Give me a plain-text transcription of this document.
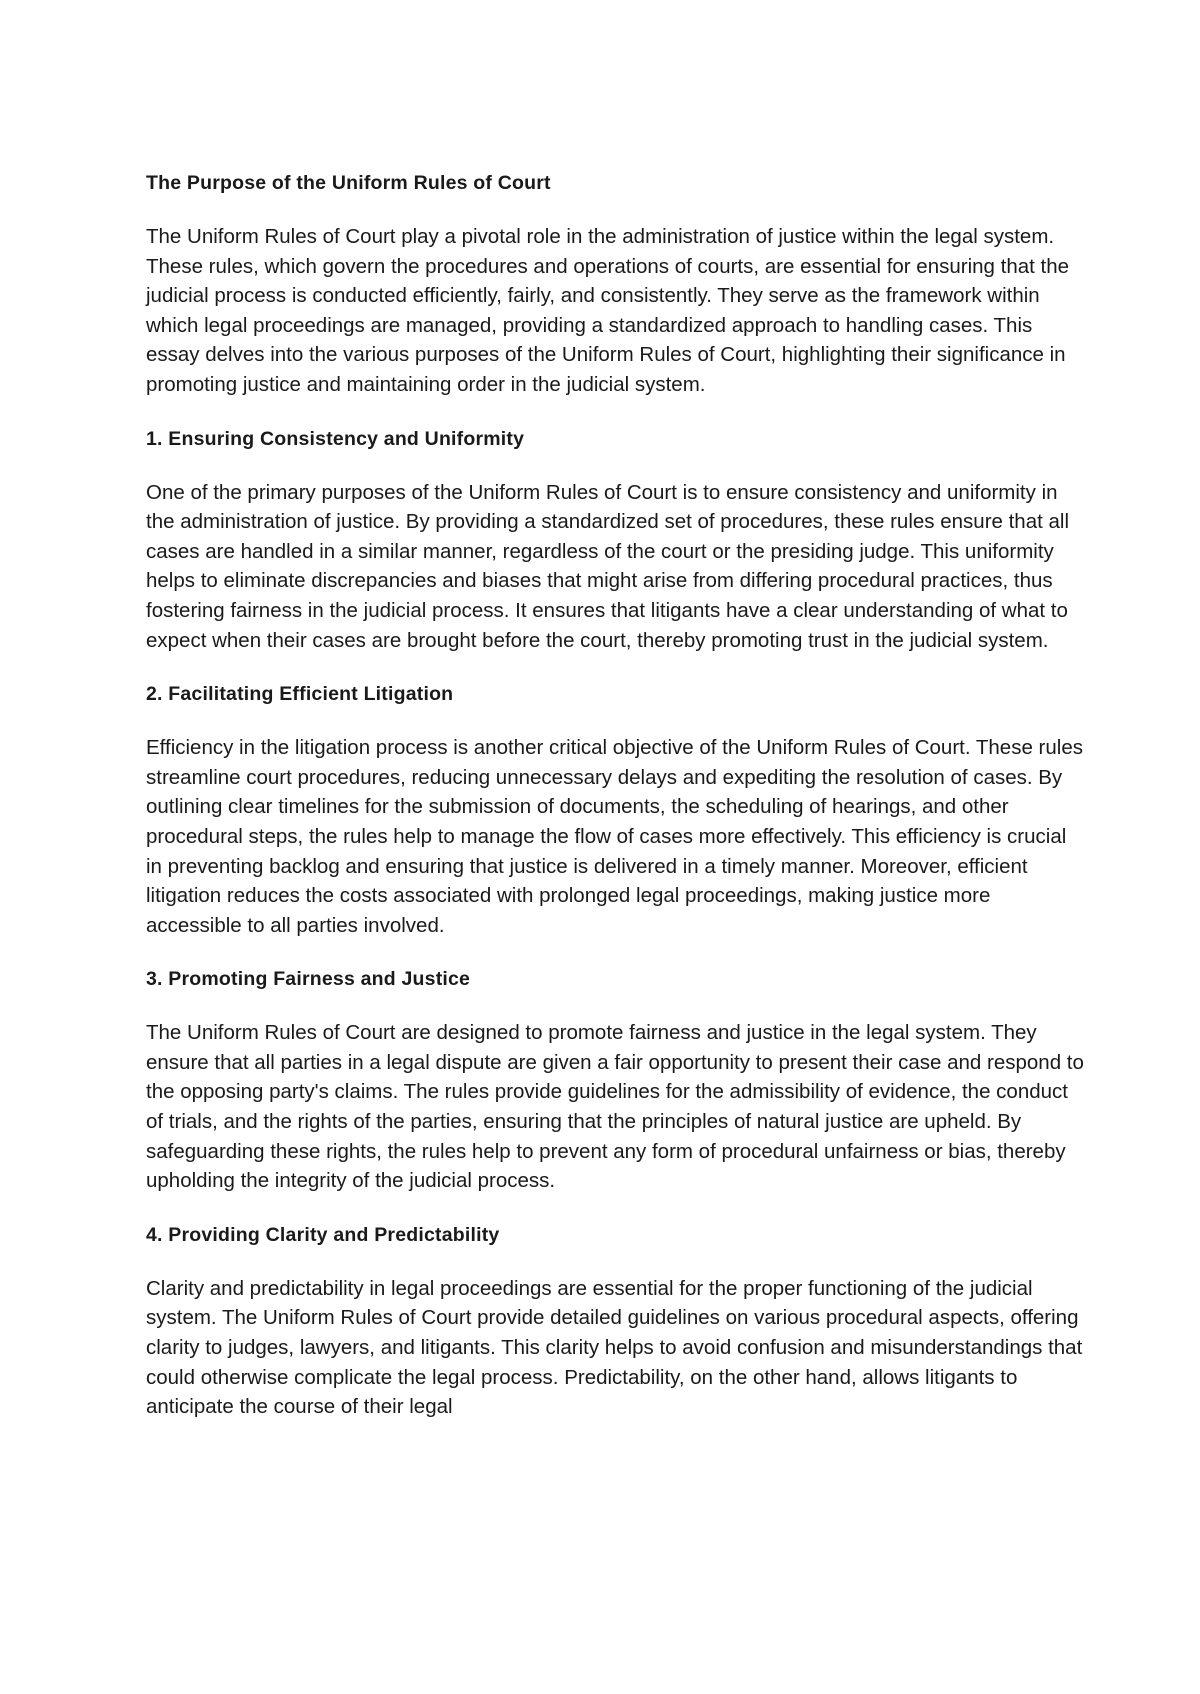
The Purpose of the Uniform Rules of Court

The Uniform Rules of Court play a pivotal role in the administration of justice within the legal system. These rules, which govern the procedures and operations of courts, are essential for ensuring that the judicial process is conducted efficiently, fairly, and consistently. They serve as the framework within which legal proceedings are managed, providing a standardized approach to handling cases. This essay delves into the various purposes of the Uniform Rules of Court, highlighting their significance in promoting justice and maintaining order in the judicial system.

1. Ensuring Consistency and Uniformity

One of the primary purposes of the Uniform Rules of Court is to ensure consistency and uniformity in the administration of justice. By providing a standardized set of procedures, these rules ensure that all cases are handled in a similar manner, regardless of the court or the presiding judge. This uniformity helps to eliminate discrepancies and biases that might arise from differing procedural practices, thus fostering fairness in the judicial process. It ensures that litigants have a clear understanding of what to expect when their cases are brought before the court, thereby promoting trust in the judicial system.

2. Facilitating Efficient Litigation

Efficiency in the litigation process is another critical objective of the Uniform Rules of Court. These rules streamline court procedures, reducing unnecessary delays and expediting the resolution of cases. By outlining clear timelines for the submission of documents, the scheduling of hearings, and other procedural steps, the rules help to manage the flow of cases more effectively. This efficiency is crucial in preventing backlog and ensuring that justice is delivered in a timely manner. Moreover, efficient litigation reduces the costs associated with prolonged legal proceedings, making justice more accessible to all parties involved.

3. Promoting Fairness and Justice

The Uniform Rules of Court are designed to promote fairness and justice in the legal system. They ensure that all parties in a legal dispute are given a fair opportunity to present their case and respond to the opposing party's claims. The rules provide guidelines for the admissibility of evidence, the conduct of trials, and the rights of the parties, ensuring that the principles of natural justice are upheld. By safeguarding these rights, the rules help to prevent any form of procedural unfairness or bias, thereby upholding the integrity of the judicial process.

4. Providing Clarity and Predictability

Clarity and predictability in legal proceedings are essential for the proper functioning of the judicial system. The Uniform Rules of Court provide detailed guidelines on various procedural aspects, offering clarity to judges, lawyers, and litigants. This clarity helps to avoid confusion and misunderstandings that could otherwise complicate the legal process. Predictability, on the other hand, allows litigants to anticipate the course of their legal
